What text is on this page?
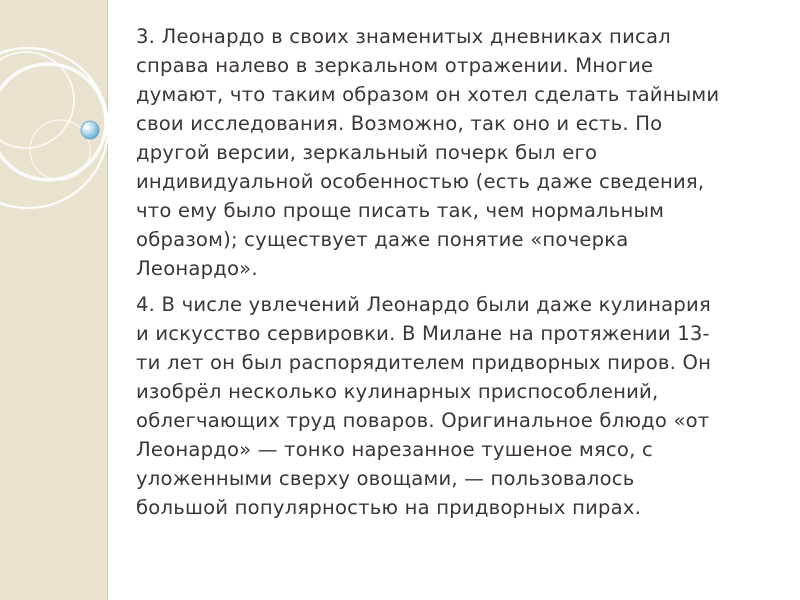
3. Леонардо в своих знаменитых дневниках писал
справа налево в зеркальном отражении. Многие
думают, что таким образом он хотел сделать тайными
свои исследования. Возможно, так оно и есть. По
другой версии, зеркальный почерк был его
индивидуальной особенностью (есть даже сведения,
что ему было проще писать так, чем нормальным
образом); существует даже понятие «почерка
Леонардо».

4. В числе увлечений Леонардо были даже кулинария
и искусство сервировки. В Милане на протяжении 13-
ти лет он был распорядителем придворных пиров. Он
изобрёл несколько кулинарных приспособлений,
облегчающих труд поваров. Оригинальное блюдо «от
Леонардо» — тонко нарезанное тушеное мясо, с
уложенными сверху овощами, — пользовалось
большой популярностью на придворных пирах.
